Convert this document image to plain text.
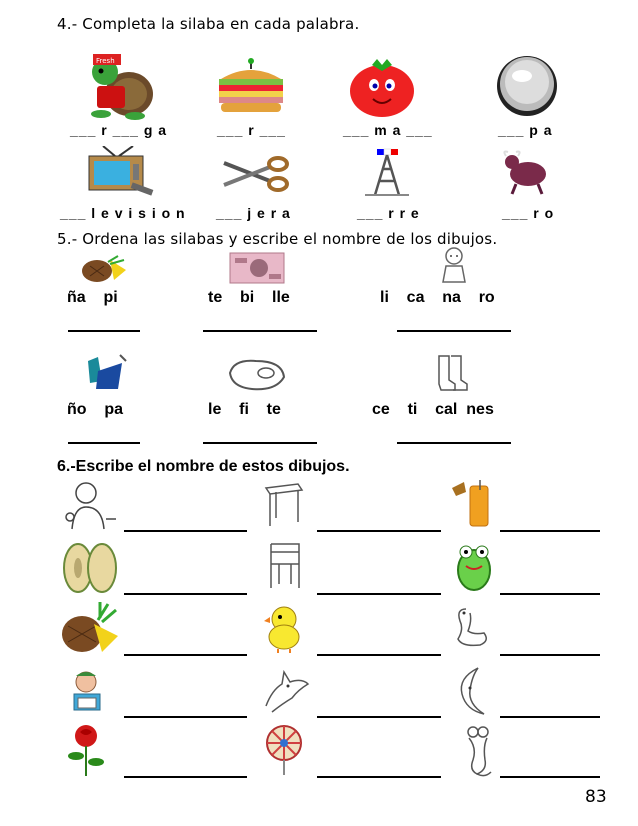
4.- Completa la silaba en cada palabra.
Fresh
___ r ___ g a	___ r ___	___ m a ___	___ p a
___ l e v i s i o n ___ j e r a	___ r r e	___ r o
5.- Ordena las silabas y escribe el nombre de los dibujos.
ña    pi	te    bi    lle	li    ca    na    ro
ño    pa	le    fi    te	ce    ti    cal  nes
6.-Escribe el nombre de estos dibujos.
83
